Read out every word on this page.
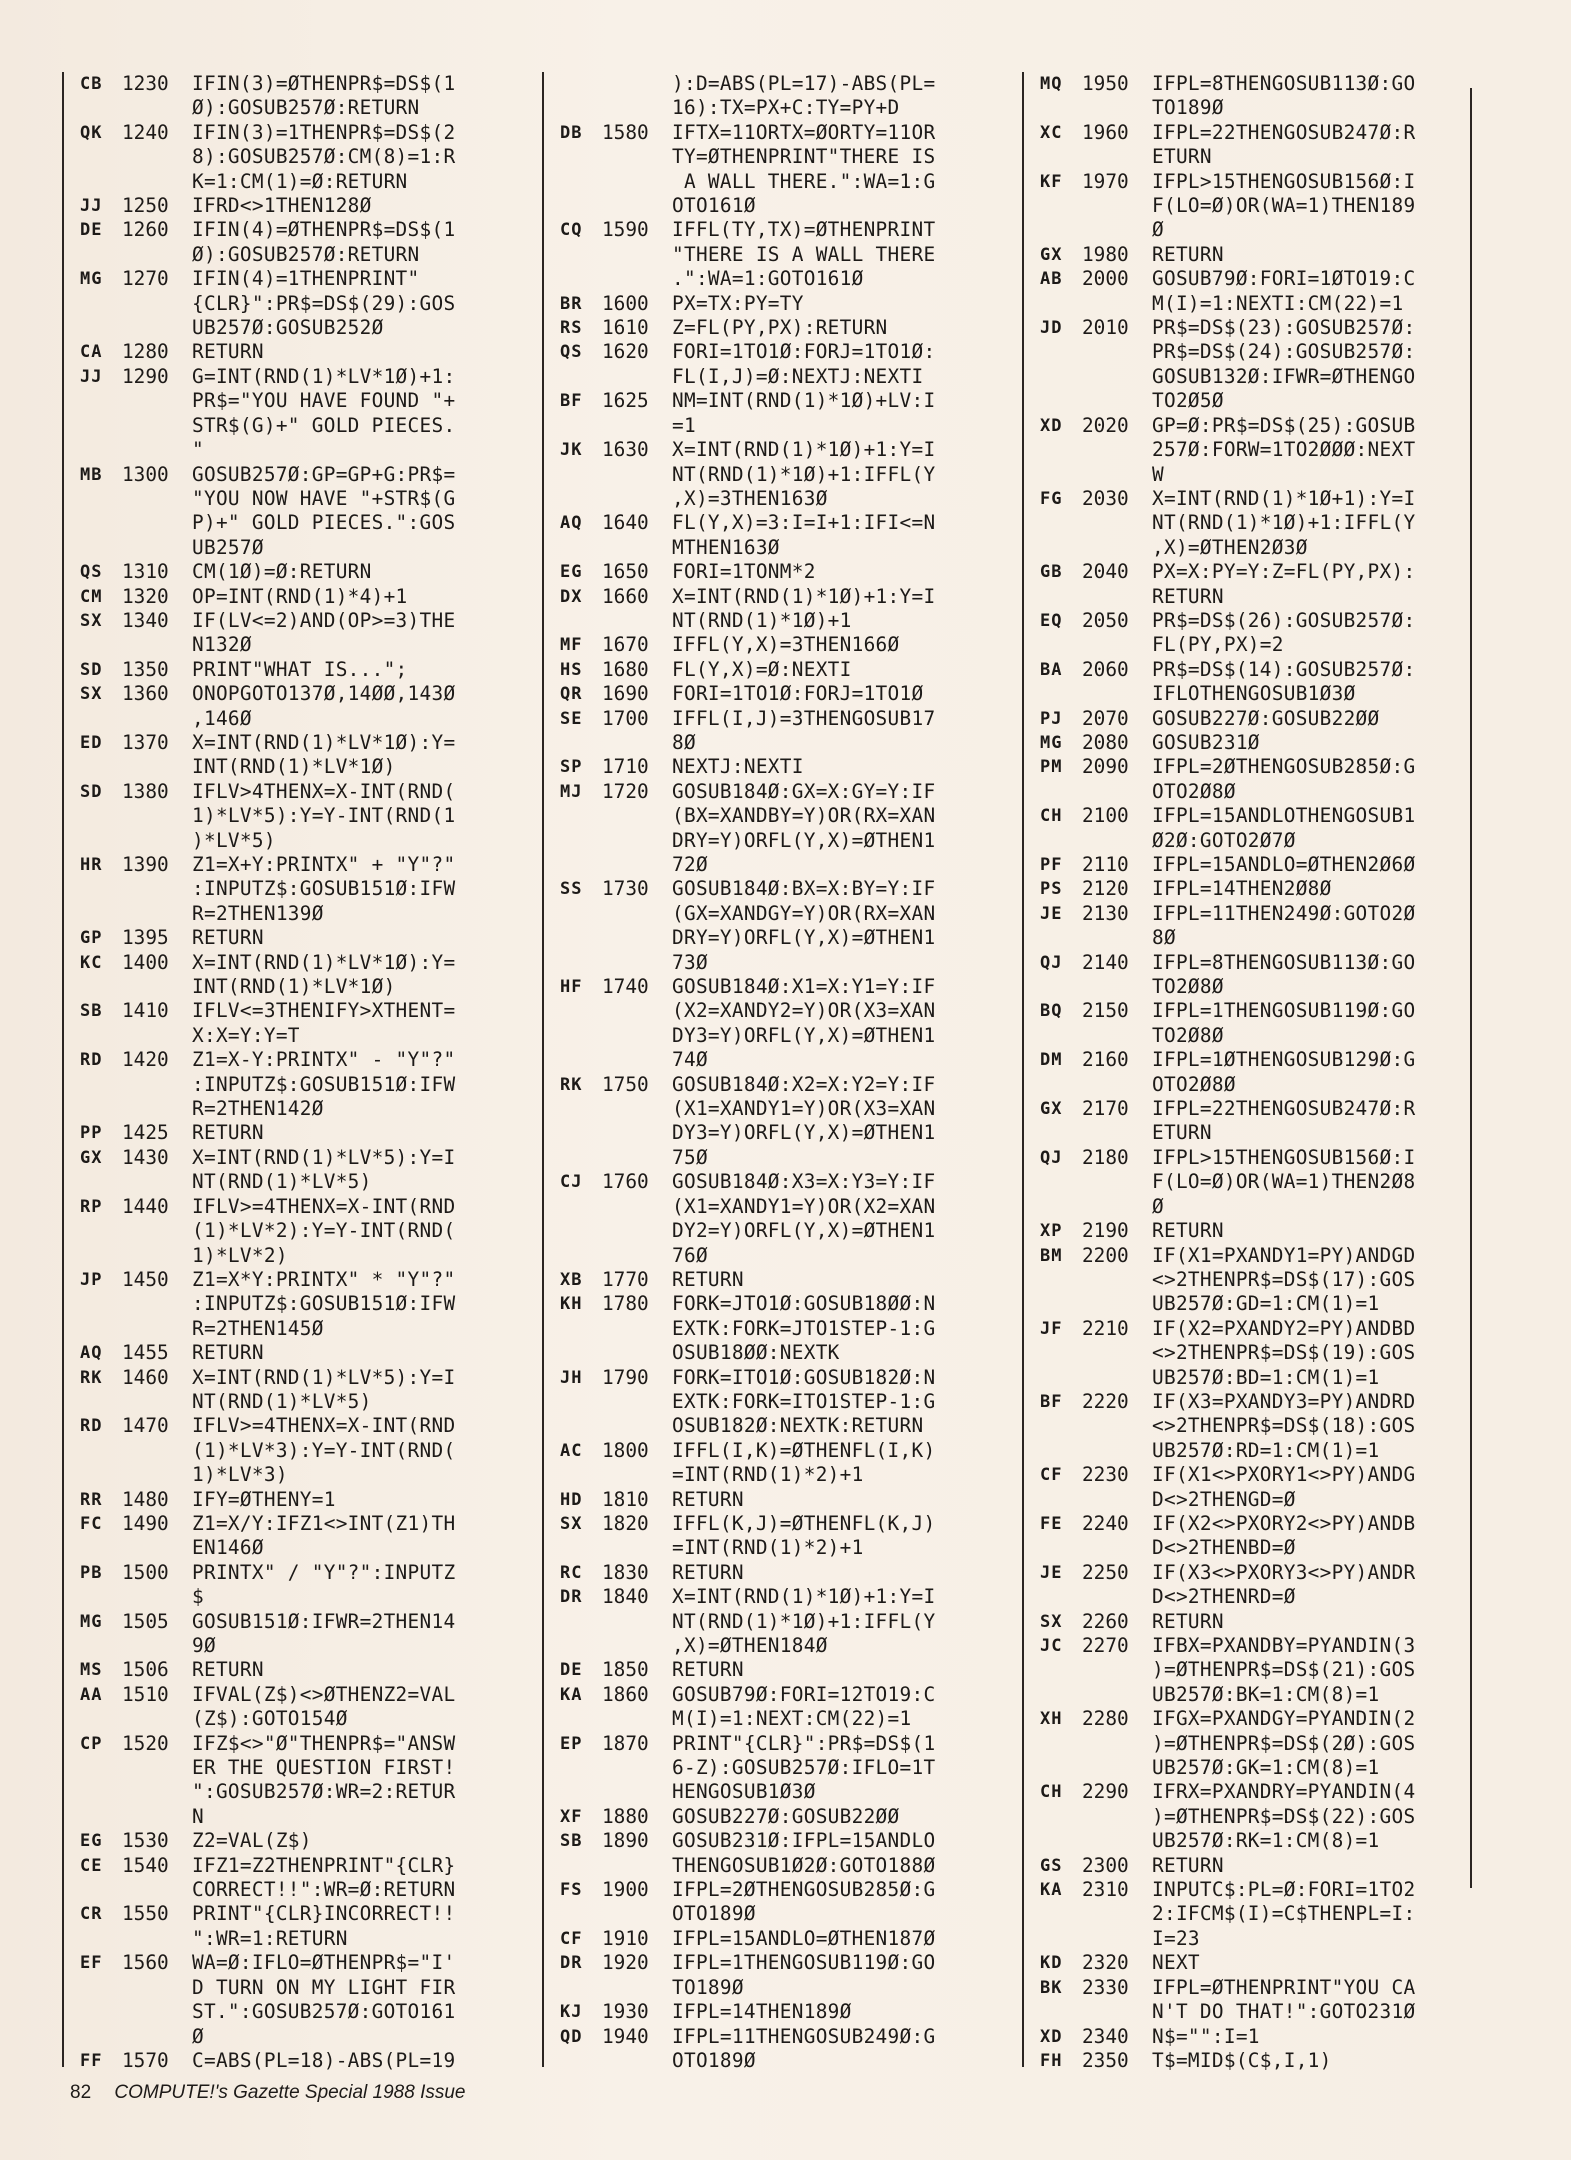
CB	1230	IFIN(3)=ØTHENPR$=DS$(1
Ø):GOSUB257Ø:RETURN
QK	1240	IFIN(3)=1THENPR$=DS$(2
8):GOSUB257Ø:CM(8)=1:R
K=1:CM(1)=Ø:RETURN
JJ	1250	IFRD<>1THEN128Ø
DE	1260	IFIN(4)=ØTHENPR$=DS$(1
Ø):GOSUB257Ø:RETURN
MG	1270	IFIN(4)=1THENPRINT"
{CLR}":PR$=DS$(29):GOS
UB257Ø:GOSUB252Ø
CA	1280	RETURN
JJ	1290	G=INT(RND(1)*LV*1Ø)+1:
PR$="YOU HAVE FOUND "+
STR$(G)+" GOLD PIECES.
"
MB	1300	GOSUB257Ø:GP=GP+G:PR$=
"YOU NOW HAVE "+STR$(G
P)+" GOLD PIECES.":GOS
UB257Ø
QS	1310	CM(1Ø)=Ø:RETURN
CM	1320	OP=INT(RND(1)*4)+1
SX	1340	IF(LV<=2)AND(OP>=3)THE
N132Ø
SD	1350	PRINT"WHAT IS...";
SX	1360	ONOPGOTO137Ø,14ØØ,143Ø
,146Ø
ED	1370	X=INT(RND(1)*LV*1Ø):Y=
INT(RND(1)*LV*1Ø)
SD	1380	IFLV>4THENX=X-INT(RND(
1)*LV*5):Y=Y-INT(RND(1
)*LV*5)
HR	1390	Z1=X+Y:PRINTX" + "Y"?"
:INPUTZ$:GOSUB151Ø:IFW
R=2THEN139Ø
GP	1395	RETURN
KC	1400	X=INT(RND(1)*LV*1Ø):Y=
INT(RND(1)*LV*1Ø)
SB	1410	IFLV<=3THENIFY>XTHENT=
X:X=Y:Y=T
RD	1420	Z1=X-Y:PRINTX" - "Y"?"
:INPUTZ$:GOSUB151Ø:IFW
R=2THEN142Ø
PP	1425	RETURN
GX	1430	X=INT(RND(1)*LV*5):Y=I
NT(RND(1)*LV*5)
RP	1440	IFLV>=4THENX=X-INT(RND
(1)*LV*2):Y=Y-INT(RND(
1)*LV*2)
JP	1450	Z1=X*Y:PRINTX" * "Y"?"
:INPUTZ$:GOSUB151Ø:IFW
R=2THEN145Ø
AQ	1455	RETURN
RK	1460	X=INT(RND(1)*LV*5):Y=I
NT(RND(1)*LV*5)
RD	1470	IFLV>=4THENX=X-INT(RND
(1)*LV*3):Y=Y-INT(RND(
1)*LV*3)
RR	1480	IFY=ØTHENY=1
FC	1490	Z1=X/Y:IFZ1<>INT(Z1)TH
EN146Ø
PB	1500	PRINTX" / "Y"?":INPUTZ
$
MG	1505	GOSUB151Ø:IFWR=2THEN14
9Ø
MS	1506	RETURN
AA	1510	IFVAL(Z$)<>ØTHENZ2=VAL
(Z$):GOTO154Ø
CP	1520	IFZ$<>"Ø"THENPR$="ANSW
ER THE QUESTION FIRST!
":GOSUB257Ø:WR=2:RETUR
N
EG	1530	Z2=VAL(Z$)
CE	1540	IFZ1=Z2THENPRINT"{CLR}
CORRECT!!":WR=Ø:RETURN
CR	1550	PRINT"{CLR}INCORRECT!!
":WR=1:RETURN
EF	1560	WA=Ø:IFLO=ØTHENPR$="I'
D TURN ON MY LIGHT FIR
ST.":GOSUB257Ø:GOTO161
Ø
FF	1570	C=ABS(PL=18)-ABS(PL=19
):D=ABS(PL=17)-ABS(PL=
16):TX=PX+C:TY=PY+D
DB	1580	IFTX=11ORTX=ØORTY=11OR
TY=ØTHENPRINT"THERE IS
A WALL THERE.":WA=1:G
OTO161Ø
CQ	1590	IFFL(TY,TX)=ØTHENPRINT
"THERE IS A WALL THERE
.":WA=1:GOTO161Ø
BR	1600	PX=TX:PY=TY
RS	1610	Z=FL(PY,PX):RETURN
QS	1620	FORI=1TO1Ø:FORJ=1TO1Ø:
FL(I,J)=Ø:NEXTJ:NEXTI
BF	1625	NM=INT(RND(1)*1Ø)+LV:I
=1
JK	1630	X=INT(RND(1)*1Ø)+1:Y=I
NT(RND(1)*1Ø)+1:IFFL(Y
,X)=3THEN163Ø
AQ	1640	FL(Y,X)=3:I=I+1:IFI<=N
MTHEN163Ø
EG	1650	FORI=1TONM*2
DX	1660	X=INT(RND(1)*1Ø)+1:Y=I
NT(RND(1)*1Ø)+1
MF	1670	IFFL(Y,X)=3THEN166Ø
HS	1680	FL(Y,X)=Ø:NEXTI
QR	1690	FORI=1TO1Ø:FORJ=1TO1Ø
SE	1700	IFFL(I,J)=3THENGOSUB17
8Ø
SP	1710	NEXTJ:NEXTI
MJ	1720	GOSUB184Ø:GX=X:GY=Y:IF
(BX=XANDBY=Y)OR(RX=XAN
DRY=Y)ORFL(Y,X)=ØTHEN1
72Ø
SS	1730	GOSUB184Ø:BX=X:BY=Y:IF
(GX=XANDGY=Y)OR(RX=XAN
DRY=Y)ORFL(Y,X)=ØTHEN1
73Ø
HF	1740	GOSUB184Ø:X1=X:Y1=Y:IF
(X2=XANDY2=Y)OR(X3=XAN
DY3=Y)ORFL(Y,X)=ØTHEN1
74Ø
RK	1750	GOSUB184Ø:X2=X:Y2=Y:IF
(X1=XANDY1=Y)OR(X3=XAN
DY3=Y)ORFL(Y,X)=ØTHEN1
75Ø
CJ	1760	GOSUB184Ø:X3=X:Y3=Y:IF
(X1=XANDY1=Y)OR(X2=XAN
DY2=Y)ORFL(Y,X)=ØTHEN1
76Ø
XB	1770	RETURN
KH	1780	FORK=JTO1Ø:GOSUB18ØØ:N
EXTK:FORK=JTO1STEP-1:G
OSUB18ØØ:NEXTK
JH	1790	FORK=ITO1Ø:GOSUB182Ø:N
EXTK:FORK=ITO1STEP-1:G
OSUB182Ø:NEXTK:RETURN
AC	1800	IFFL(I,K)=ØTHENFL(I,K)
=INT(RND(1)*2)+1
HD	1810	RETURN
SX	1820	IFFL(K,J)=ØTHENFL(K,J)
=INT(RND(1)*2)+1
RC	1830	RETURN
DR	1840	X=INT(RND(1)*1Ø)+1:Y=I
NT(RND(1)*1Ø)+1:IFFL(Y
,X)=ØTHEN184Ø
DE	1850	RETURN
KA	1860	GOSUB79Ø:FORI=12TO19:C
M(I)=1:NEXT:CM(22)=1
EP	1870	PRINT"{CLR}":PR$=DS$(1
6-Z):GOSUB257Ø:IFLO=1T
HENGOSUB1Ø3Ø
XF	1880	GOSUB227Ø:GOSUB22ØØ
SB	1890	GOSUB231Ø:IFPL=15ANDLO
THENGOSUB1Ø2Ø:GOTO188Ø
FS	1900	IFPL=2ØTHENGOSUB285Ø:G
OTO189Ø
CF	1910	IFPL=15ANDLO=ØTHEN187Ø
DR	1920	IFPL=1THENGOSUB119Ø:GO
TO189Ø
KJ	1930	IFPL=14THEN189Ø
QD	1940	IFPL=11THENGOSUB249Ø:G
OTO189Ø
MQ	1950	IFPL=8THENGOSUB113Ø:GO
TO189Ø
XC	1960	IFPL=22THENGOSUB247Ø:R
ETURN
KF	1970	IFPL>15THENGOSUB156Ø:I
F(LO=Ø)OR(WA=1)THEN189
Ø
GX	1980	RETURN
AB	2000	GOSUB79Ø:FORI=1ØTO19:C
M(I)=1:NEXTI:CM(22)=1
JD	2010	PR$=DS$(23):GOSUB257Ø:
PR$=DS$(24):GOSUB257Ø:
GOSUB132Ø:IFWR=ØTHENGO
TO2Ø5Ø
XD	2020	GP=Ø:PR$=DS$(25):GOSUB
257Ø:FORW=1TO2ØØØ:NEXT
W
FG	2030	X=INT(RND(1)*1Ø+1):Y=I
NT(RND(1)*1Ø)+1:IFFL(Y
,X)=ØTHEN2Ø3Ø
GB	2040	PX=X:PY=Y:Z=FL(PY,PX):
RETURN
EQ	2050	PR$=DS$(26):GOSUB257Ø:
FL(PY,PX)=2
BA	2060	PR$=DS$(14):GOSUB257Ø:
IFLOTHENGOSUB1Ø3Ø
PJ	2070	GOSUB227Ø:GOSUB22ØØ
MG	2080	GOSUB231Ø
PM	2090	IFPL=2ØTHENGOSUB285Ø:G
OTO2Ø8Ø
CH	2100	IFPL=15ANDLOTHENGOSUB1
Ø2Ø:GOTO2Ø7Ø
PF	2110	IFPL=15ANDLO=ØTHEN2Ø6Ø
PS	2120	IFPL=14THEN2Ø8Ø
JE	2130	IFPL=11THEN249Ø:GOTO2Ø
8Ø
QJ	2140	IFPL=8THENGOSUB113Ø:GO
TO2Ø8Ø
BQ	2150	IFPL=1THENGOSUB119Ø:GO
TO2Ø8Ø
DM	2160	IFPL=1ØTHENGOSUB129Ø:G
OTO2Ø8Ø
GX	2170	IFPL=22THENGOSUB247Ø:R
ETURN
QJ	2180	IFPL>15THENGOSUB156Ø:I
F(LO=Ø)OR(WA=1)THEN2Ø8
Ø
XP	2190	RETURN
BM	2200	IF(X1=PXANDY1=PY)ANDGD
<>2THENPR$=DS$(17):GOS
UB257Ø:GD=1:CM(1)=1
JF	2210	IF(X2=PXANDY2=PY)ANDBD
<>2THENPR$=DS$(19):GOS
UB257Ø:BD=1:CM(1)=1
BF	2220	IF(X3=PXANDY3=PY)ANDRD
<>2THENPR$=DS$(18):GOS
UB257Ø:RD=1:CM(1)=1
CF	2230	IF(X1<>PXORY1<>PY)ANDG
D<>2THENGD=Ø
FE	2240	IF(X2<>PXORY2<>PY)ANDB
D<>2THENBD=Ø
JE	2250	IF(X3<>PXORY3<>PY)ANDR
D<>2THENRD=Ø
SX	2260	RETURN
JC	2270	IFBX=PXANDBY=PYANDIN(3
)=ØTHENPR$=DS$(21):GOS
UB257Ø:BK=1:CM(8)=1
XH	2280	IFGX=PXANDGY=PYANDIN(2
)=ØTHENPR$=DS$(2Ø):GOS
UB257Ø:GK=1:CM(8)=1
CH	2290	IFRX=PXANDRY=PYANDIN(4
)=ØTHENPR$=DS$(22):GOS
UB257Ø:RK=1:CM(8)=1
GS	2300	RETURN
KA	2310	INPUTC$:PL=Ø:FORI=1TO2
2:IFCM$(I)=C$THENPL=I:
I=23
KD	2320	NEXT
BK	2330	IFPL=ØTHENPRINT"YOU CA
N'T DO THAT!":GOTO231Ø
XD	2340	N$="":I=1
FH	2350	T$=MID$(C$,I,1)
82 COMPUTE!'s Gazette Special 1988 Issue
